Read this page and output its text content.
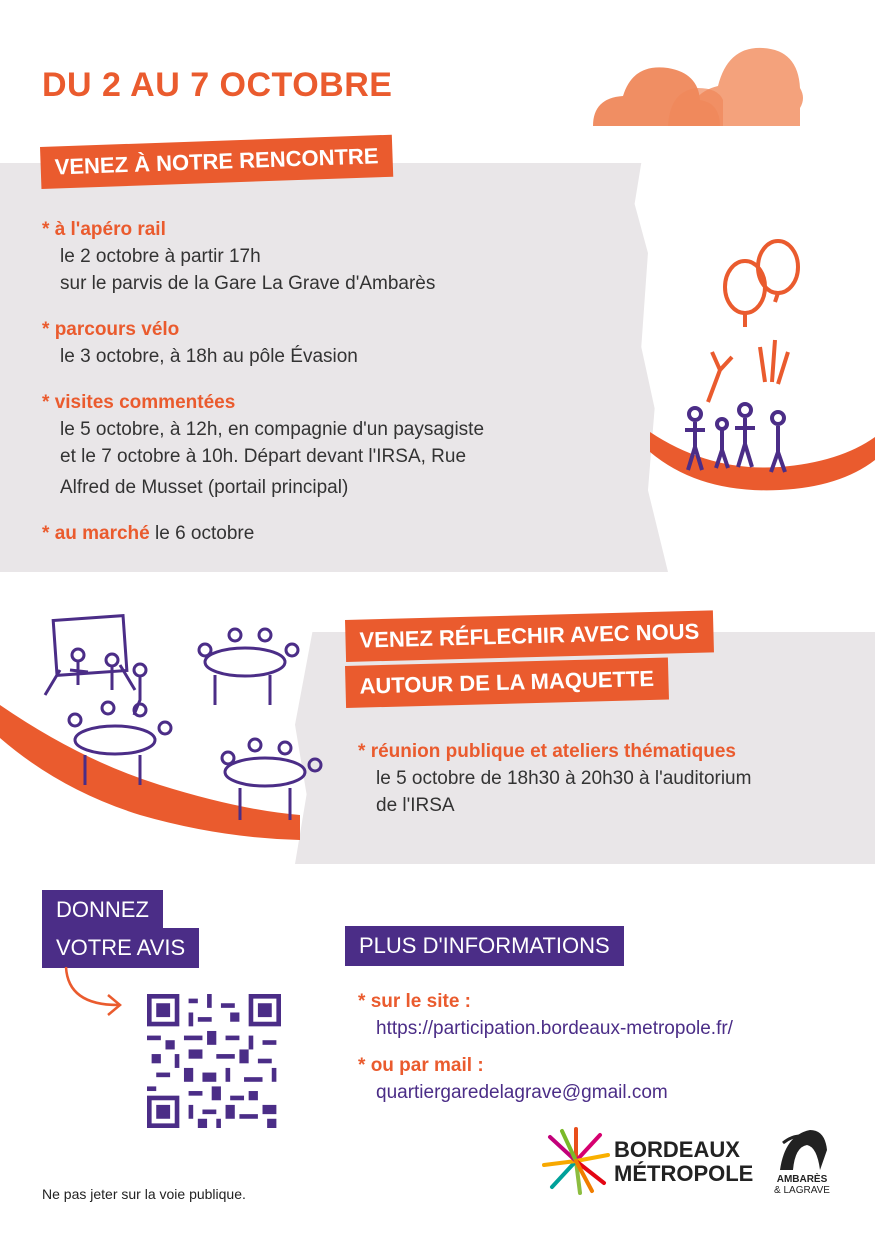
DU 2 AU 7 OCTOBRE
VENEZ À NOTRE RENCONTRE
* à l'apéro rail
le 2 octobre à partir 17h
sur le parvis de la Gare La Grave d'Ambarès
* parcours vélo
le 3 octobre, à 18h au pôle Évasion
* visites commentées
le 5 octobre, à 12h, en compagnie d'un paysagiste
et le 7 octobre à 10h. Départ devant l'IRSA, Rue
Alfred de Musset (portail principal)
* au marché le 6 octobre
VENEZ RÉFLECHIR AVEC NOUS
AUTOUR DE LA MAQUETTE
* réunion publique et ateliers thématiques
le 5 octobre de 18h30 à 20h30 à l'auditorium
de l'IRSA
DONNEZ
VOTRE AVIS	PLUS D'INFORMATIONS
* sur le site :
https://participation.bordeaux-metropole.fr/
* ou par mail :
quartiergaredelagrave@gmail.com
BORDEAUX
MÉTROPOLE	AMBARÈS
& LAGRAVE
Ne pas jeter sur la voie publique.
